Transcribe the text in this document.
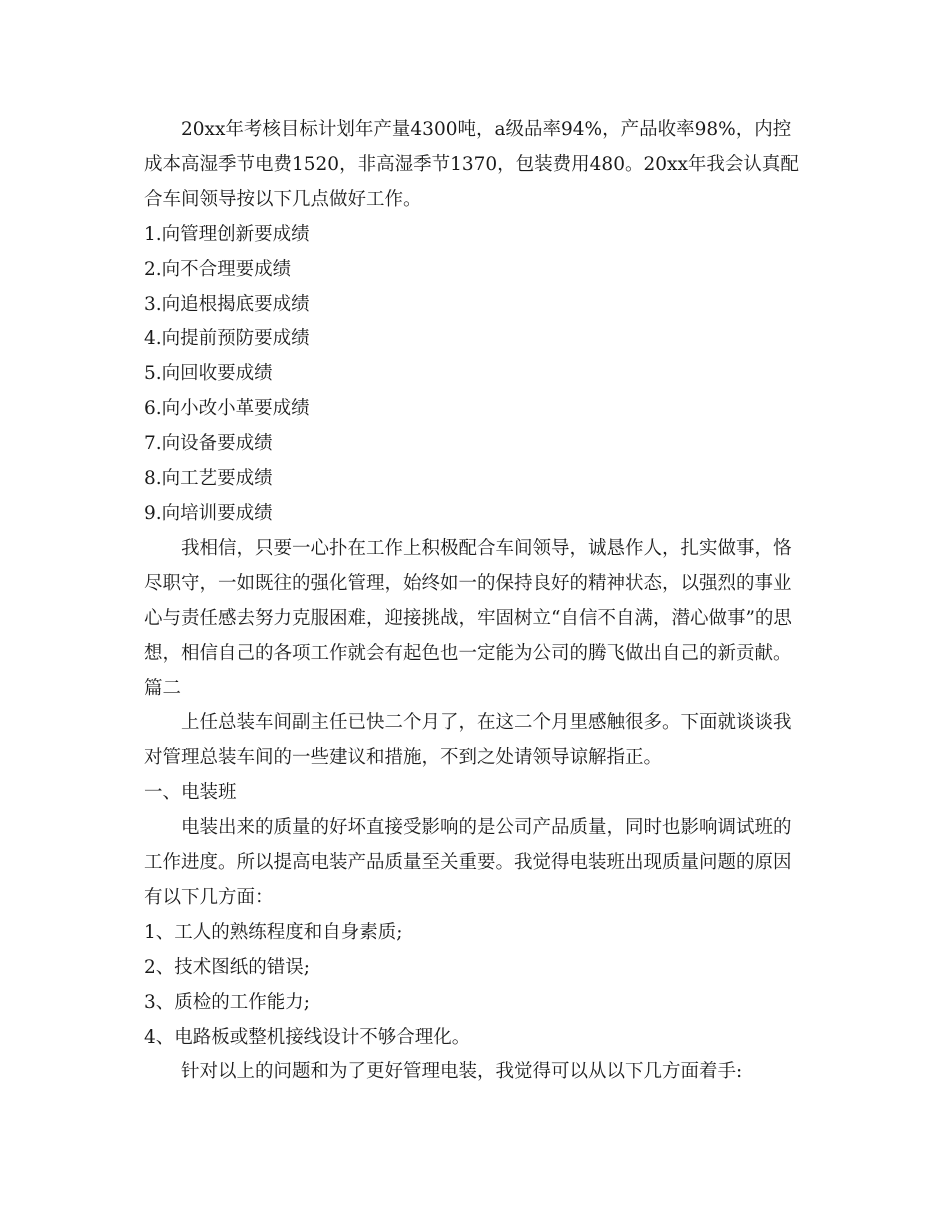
20xx年考核目标计划年产量4300吨，a级品率94%，产品收率98%，内控成本高湿季节电费1520，非高湿季节1370，包装费用480。20xx年我会认真配合车间领导按以下几点做好工作。

1.向管理创新要成绩

2.向不合理要成绩

3.向追根揭底要成绩

4.向提前预防要成绩

5.向回收要成绩

6.向小改小革要成绩

7.向设备要成绩

8.向工艺要成绩

9.向培训要成绩

我相信，只要一心扑在工作上积极配合车间领导，诚恳作人，扎实做事，恪尽职守，一如既往的强化管理，始终如一的保持良好的精神状态，以强烈的事业心与责任感去努力克服困难，迎接挑战，牢固树立“自信不自满，潜心做事”的思想，相信自己的各项工作就会有起色也一定能为公司的腾飞做出自己的新贡献。

篇二

上任总装车间副主任已快二个月了，在这二个月里感触很多。下面就谈谈我对管理总装车间的一些建议和措施，不到之处请领导谅解指正。

一、电装班

电装出来的质量的好坏直接受影响的是公司产品质量，同时也影响调试班的工作进度。所以提高电装产品质量至关重要。我觉得电装班出现质量问题的原因有以下几方面：

1、工人的熟练程度和自身素质;

2、技术图纸的错误;

3、质检的工作能力;

4、电路板或整机接线设计不够合理化。

针对以上的问题和为了更好管理电装，我觉得可以从以下几方面着手:
